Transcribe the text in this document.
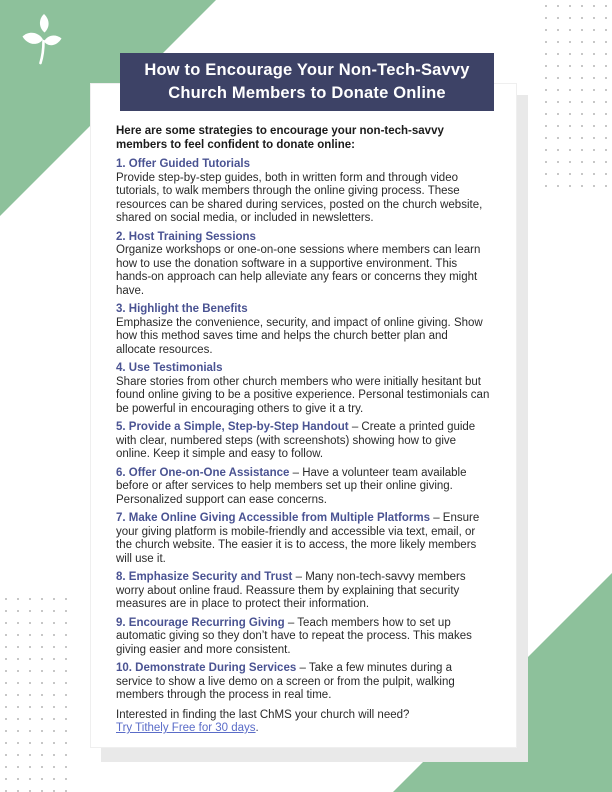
Here are some strategies to encourage your non-tech-savvy members to feel confident to donate online:

1. Offer Guided Tutorials
Provide step-by-step guides, both in written form and through video tutorials, to walk members through the online giving process. These resources can be shared during services, posted on the church website, shared on social media, or included in newsletters.
2. Host Training Sessions
Organize workshops or one-on-one sessions where members can learn how to use the donation software in a supportive environment. This hands-on approach can help alleviate any fears or concerns they might have.
3. Highlight the Benefits
Emphasize the convenience, security, and impact of online giving. Show how this method saves time and helps the church better plan and allocate resources.
4. Use Testimonials
Share stories from other church members who were initially hesitant but found online giving to be a positive experience. Personal testimonials can be powerful in encouraging others to give it a try.

5. Provide a Simple, Step-by-Step Handout – Create a printed guide with clear, numbered steps (with screenshots) showing how to give online. Keep it simple and easy to follow.

6. Offer One-on-One Assistance – Have a volunteer team available before or after services to help members set up their online giving. Personalized support can ease concerns.

7. Make Online Giving Accessible from Multiple Platforms – Ensure your giving platform is mobile-friendly and accessible via text, email, or the church website. The easier it is to access, the more likely members will use it.

8. Emphasize Security and Trust – Many non-tech-savvy members worry about online fraud. Reassure them by explaining that security measures are in place to protect their information.

9. Encourage Recurring Giving – Teach members how to set up automatic giving so they don’t have to repeat the process. This makes giving easier and more consistent.

10. Demonstrate During Services – Take a few minutes during a service to show a live demo on a screen or from the pulpit, walking members through the process in real time.

Interested in finding the last ChMS your church will need?

Try Tithely Free for 30 days.

How to Encourage Your Non-Tech-Savvy Church Members to Donate Online
